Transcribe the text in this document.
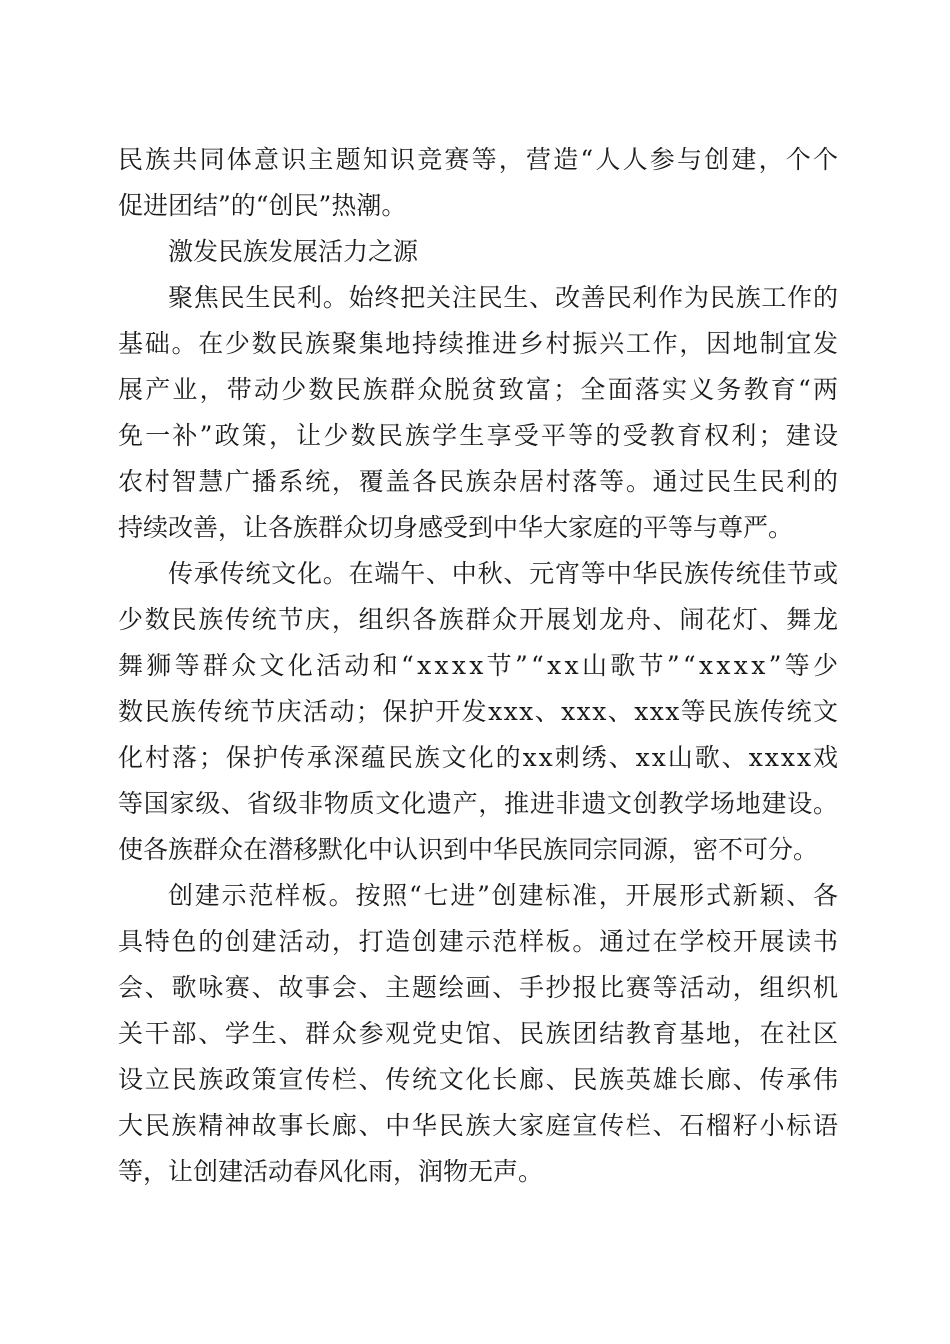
民族共同体意识主题知识竞赛等，营造“人人参与创建，个个
促进团结”的“创民”热潮。
激发民族发展活力之源
聚焦民生民利。始终把关注民生、改善民利作为民族工作的
基础。在少数民族聚集地持续推进乡村振兴工作，因地制宜发
展产业，带动少数民族群众脱贫致富；全面落实义务教育“两
免一补”政策，让少数民族学生享受平等的受教育权利；建设
农村智慧广播系统，覆盖各民族杂居村落等。通过民生民利的
持续改善，让各族群众切身感受到中华大家庭的平等与尊严。
传承传统文化。在端午、中秋、元宵等中华民族传统佳节或
少数民族传统节庆，组织各族群众开展划龙舟、闹花灯、舞龙
舞狮等群众文化活动和“xxxx节”“xx山歌节”“xxxx”等少
数民族传统节庆活动；保护开发xxx、xxx、xxx等民族传统文
化村落；保护传承深蕴民族文化的xx刺绣、xx山歌、xxxx戏
等国家级、省级非物质文化遗产，推进非遗文创教学场地建设。
使各族群众在潜移默化中认识到中华民族同宗同源，密不可分。
创建示范样板。按照“七进”创建标准，开展形式新颖、各
具特色的创建活动，打造创建示范样板。通过在学校开展读书
会、歌咏赛、故事会、主题绘画、手抄报比赛等活动，组织机
关干部、学生、群众参观党史馆、民族团结教育基地，在社区
设立民族政策宣传栏、传统文化长廊、民族英雄长廊、传承伟
大民族精神故事长廊、中华民族大家庭宣传栏、石榴籽小标语
等，让创建活动春风化雨，润物无声。
